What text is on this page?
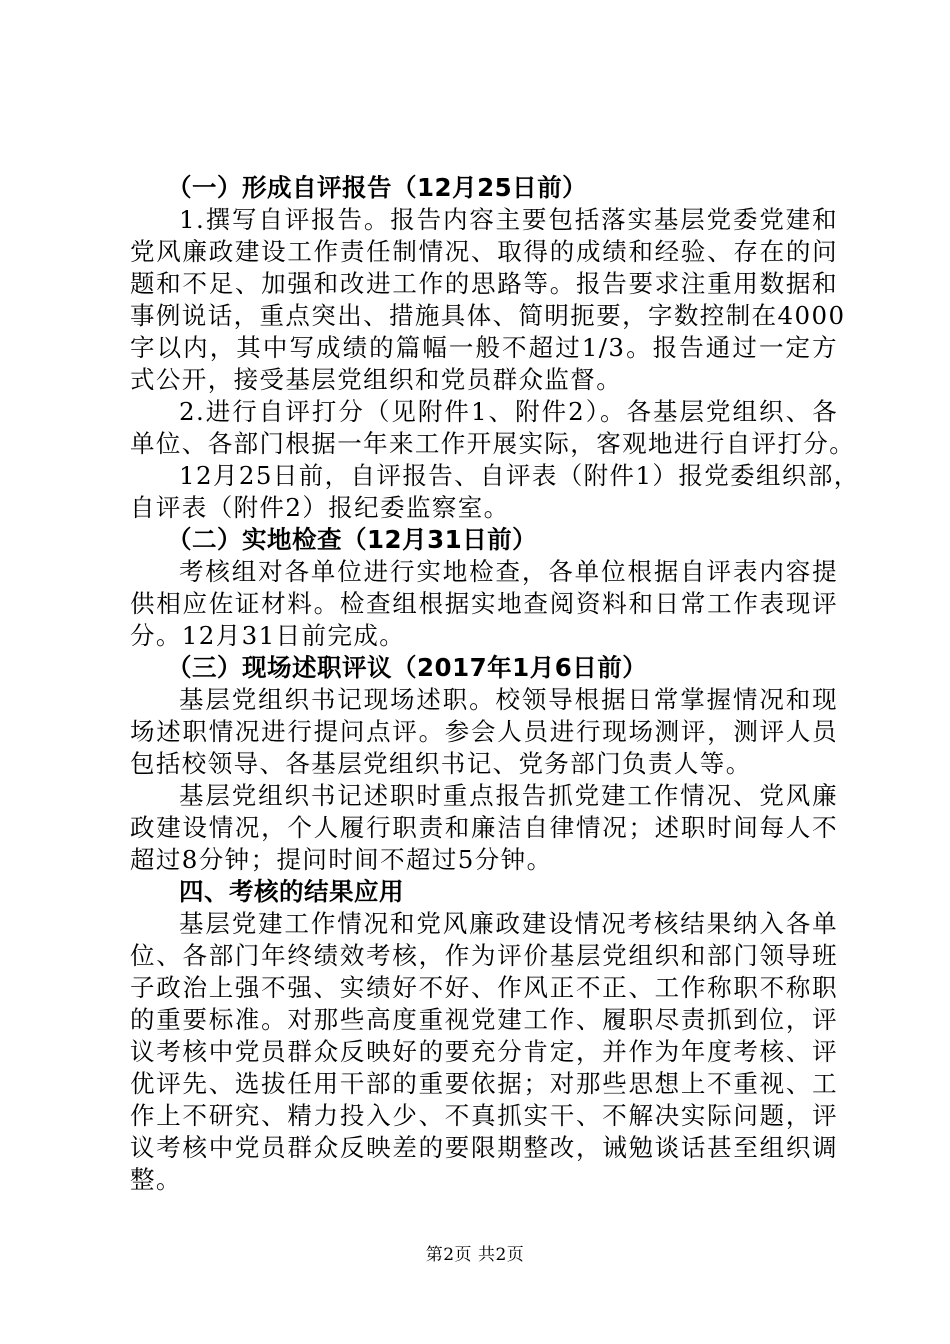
（一）形成自评报告（12月25日前）
1.撰写自评报告。报告内容主要包括落实基层党委党建和
党风廉政建设工作责任制情况、取得的成绩和经验、存在的问
题和不足、加强和改进工作的思路等。报告要求注重用数据和
事例说话，重点突出、措施具体、简明扼要，字数控制在4000
字以内，其中写成绩的篇幅一般不超过1/3。报告通过一定方
式公开，接受基层党组织和党员群众监督。
2.进行自评打分（见附件1、附件2）。各基层党组织、各
单位、各部门根据一年来工作开展实际，客观地进行自评打分。
12月25日前，自评报告、自评表（附件1）报党委组织部，
自评表（附件2）报纪委监察室。
（二）实地检查（12月31日前）
考核组对各单位进行实地检查，各单位根据自评表内容提
供相应佐证材料。检查组根据实地查阅资料和日常工作表现评
分。12月31日前完成。
（三）现场述职评议（2017年1月6日前）
基层党组织书记现场述职。校领导根据日常掌握情况和现
场述职情况进行提问点评。参会人员进行现场测评，测评人员
包括校领导、各基层党组织书记、党务部门负责人等。
基层党组织书记述职时重点报告抓党建工作情况、党风廉
政建设情况，个人履行职责和廉洁自律情况；述职时间每人不
超过8分钟；提问时间不超过5分钟。
四、考核的结果应用
基层党建工作情况和党风廉政建设情况考核结果纳入各单
位、各部门年终绩效考核，作为评价基层党组织和部门领导班
子政治上强不强、实绩好不好、作风正不正、工作称职不称职
的重要标准。对那些高度重视党建工作、履职尽责抓到位，评
议考核中党员群众反映好的要充分肯定，并作为年度考核、评
优评先、选拔任用干部的重要依据；对那些思想上不重视、工
作上不研究、精力投入少、不真抓实干、不解决实际问题，评
议考核中党员群众反映差的要限期整改，诫勉谈话甚至组织调
整。
第2页 共2页
